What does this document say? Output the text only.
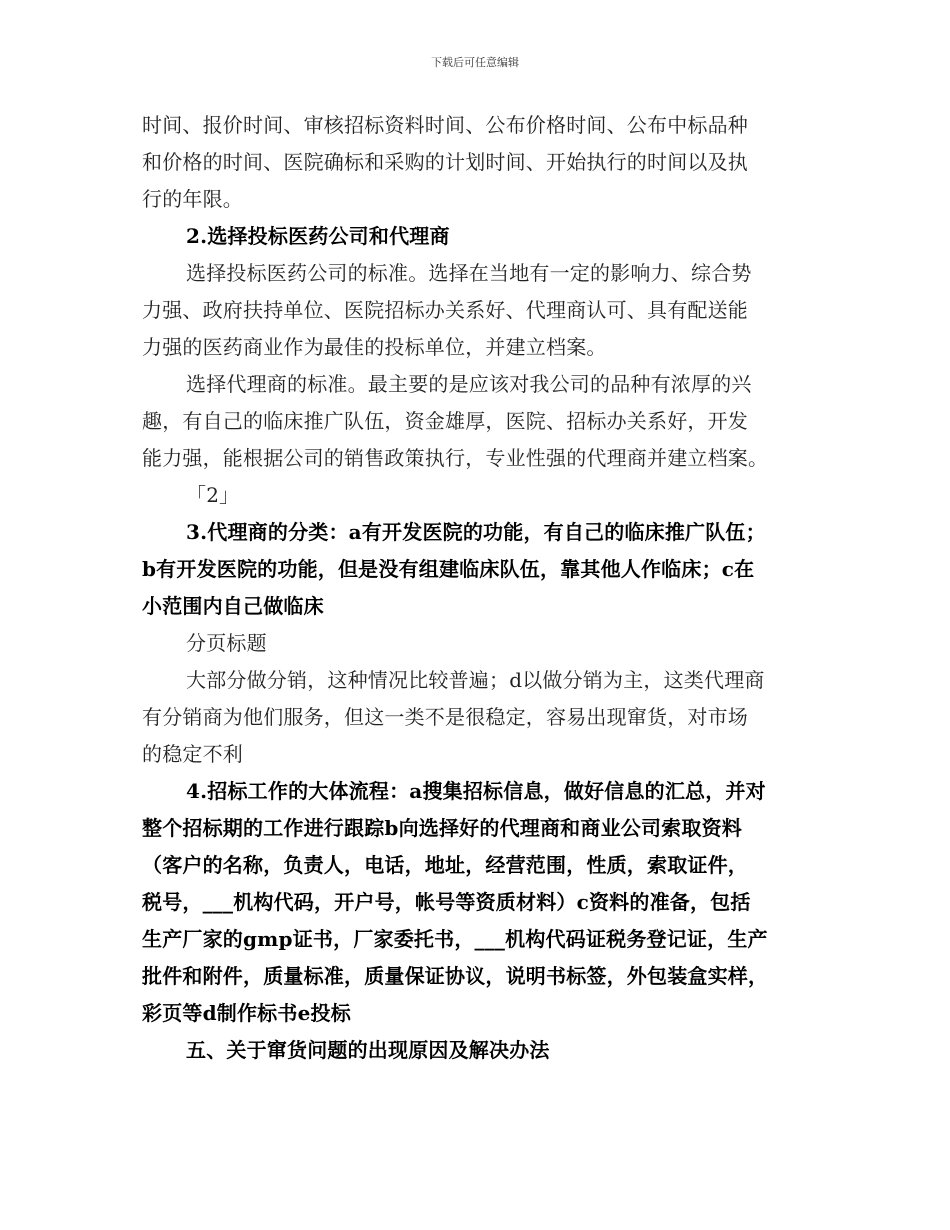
下载后可任意编辑
时间、报价时间、审核招标资料时间、公布价格时间、公布中标品种
和价格的时间、医院确标和采购的计划时间、开始执行的时间以及执
行的年限。
2.选择投标医药公司和代理商
选择投标医药公司的标准。选择在当地有一定的影响力、综合势
力强、政府扶持单位、医院招标办关系好、代理商认可、具有配送能
力强的医药商业作为最佳的投标单位，并建立档案。
选择代理商的标准。最主要的是应该对我公司的品种有浓厚的兴
趣，有自己的临床推广队伍，资金雄厚，医院、招标办关系好，开发
能力强，能根据公司的销售政策执行，专业性强的代理商并建立档案。
「2」
3.代理商的分类：a有开发医院的功能，有自己的临床推广队伍；
b有开发医院的功能，但是没有组建临床队伍，靠其他人作临床；c在
小范围内自己做临床
分页标题
大部分做分销，这种情况比较普遍；d以做分销为主，这类代理商
有分销商为他们服务，但这一类不是很稳定，容易出现窜货，对市场
的稳定不利
4.招标工作的大体流程：a搜集招标信息，做好信息的汇总，并对
整个招标期的工作进行跟踪b向选择好的代理商和商业公司索取资料
（客户的名称，负责人，电话，地址，经营范围，性质，索取证件，
税号，___机构代码，开户号，帐号等资质材料）c资料的准备，包括
生产厂家的gmp证书，厂家委托书，___机构代码证税务登记证，生产
批件和附件，质量标准，质量保证协议，说明书标签，外包装盒实样，
彩页等d制作标书e投标
五、关于窜货问题的出现原因及解决办法
